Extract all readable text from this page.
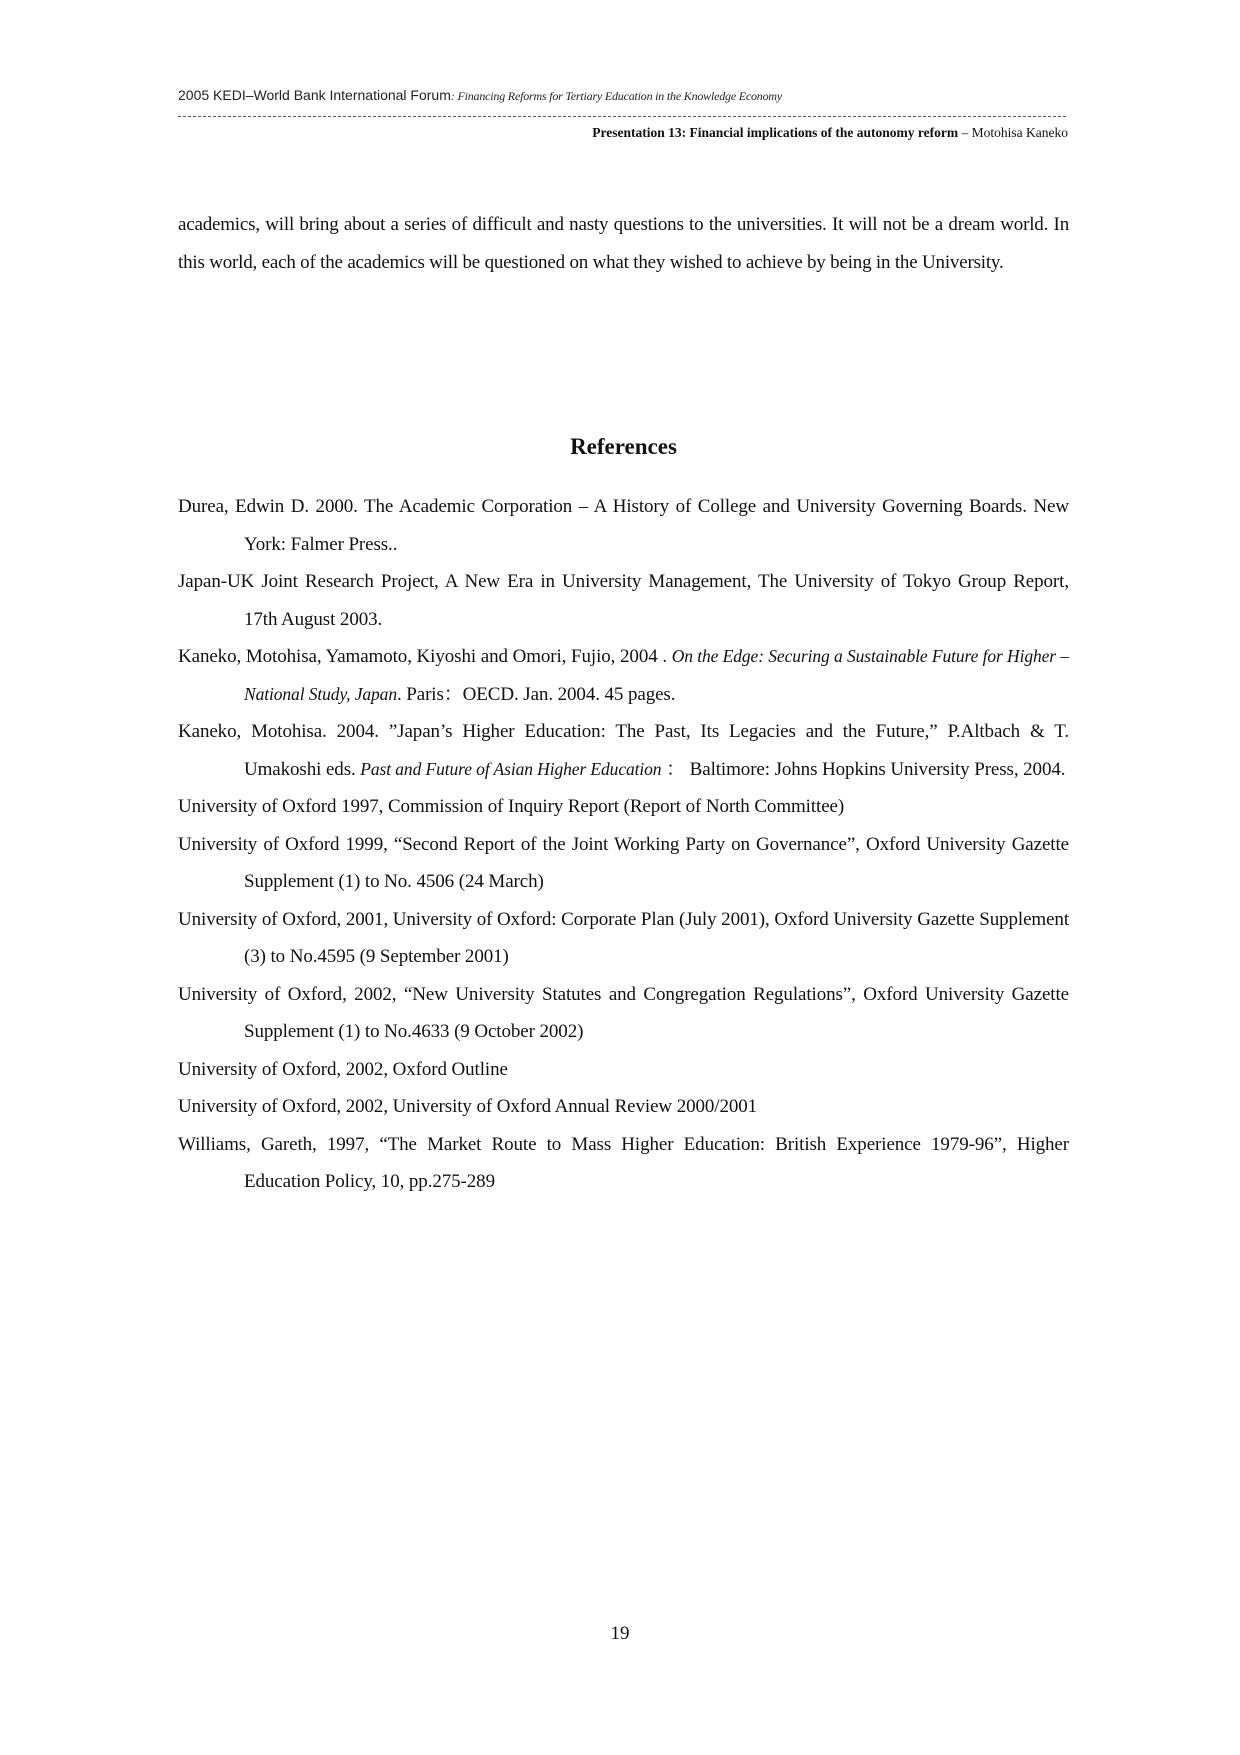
2005 KEDI–World Bank International Forum: Financing Reforms for Tertiary Education in the Knowledge Economy
Presentation 13: Financial implications of the autonomy reform – Motohisa Kaneko
academics, will bring about a series of difficult and nasty questions to the universities. It will not be a dream world. In this world, each of the academics will be questioned on what they wished to achieve by being in the University.
References
Durea, Edwin D. 2000. The Academic Corporation – A History of College and University Governing Boards. New York: Falmer Press..
Japan-UK Joint Research Project, A New Era in University Management, The University of Tokyo Group Report, 17th August 2003.
Kaneko, Motohisa, Yamamoto, Kiyoshi and Omori, Fujio, 2004 . On the Edge: Securing a Sustainable Future for Higher – National Study, Japan. Paris：OECD. Jan. 2004. 45 pages.
Kaneko, Motohisa. 2004. ”Japan’s Higher Education: The Past, Its Legacies and the Future,” P.Altbach & T. Umakoshi eds. Past and Future of Asian Higher Education ： Baltimore: Johns Hopkins University Press, 2004.
University of Oxford 1997, Commission of Inquiry Report (Report of North Committee)
University of Oxford 1999, “Second Report of the Joint Working Party on Governance”, Oxford University Gazette Supplement (1) to No. 4506 (24 March)
University of Oxford, 2001, University of Oxford: Corporate Plan (July 2001), Oxford University Gazette Supplement (3) to No.4595 (9 September 2001)
University of Oxford, 2002, “New University Statutes and Congregation Regulations”, Oxford University Gazette Supplement (1) to No.4633 (9 October 2002)
University of Oxford, 2002, Oxford Outline
University of Oxford, 2002, University of Oxford Annual Review 2000/2001
Williams, Gareth, 1997, “The Market Route to Mass Higher Education: British Experience 1979-96”, Higher Education Policy, 10, pp.275-289
19
